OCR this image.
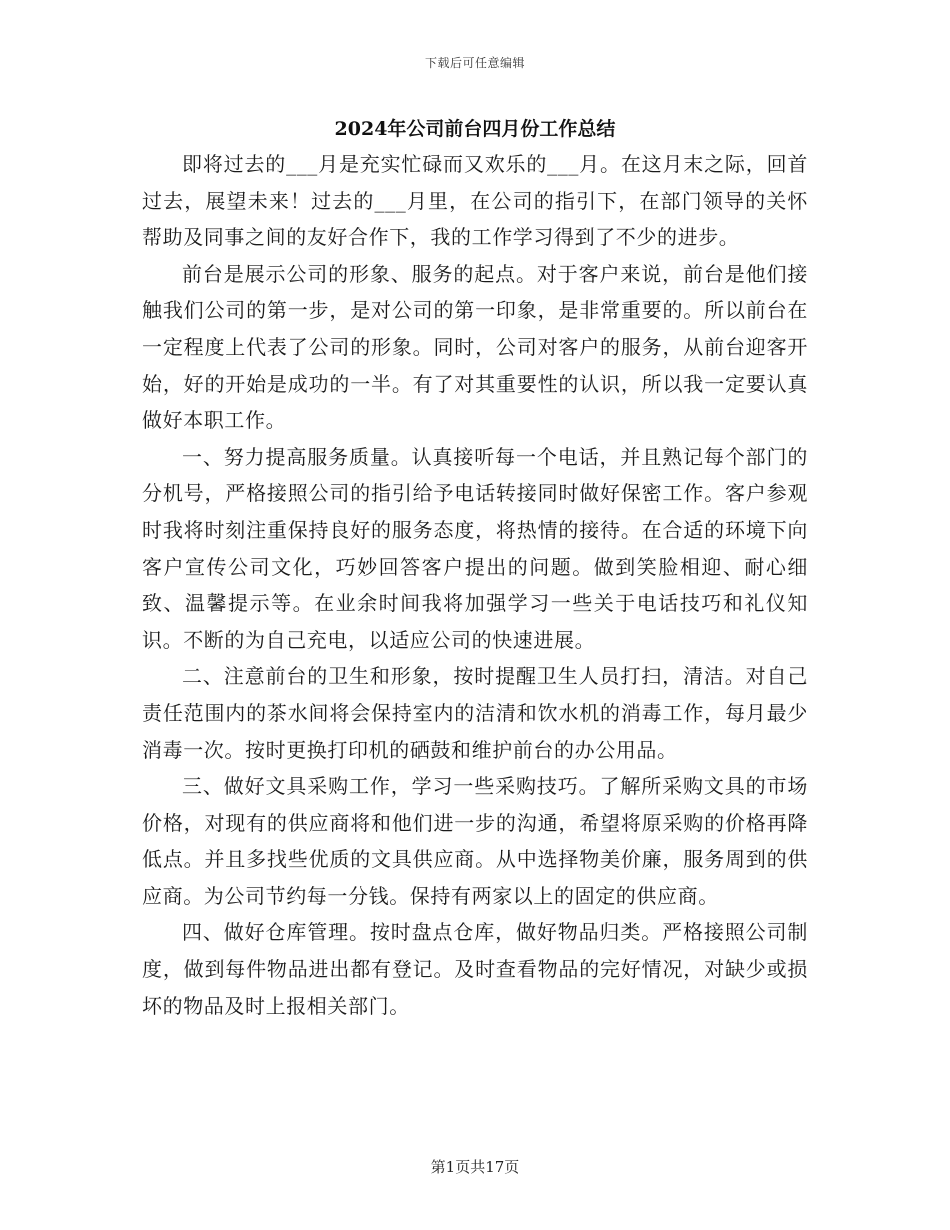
下载后可任意编辑
2024年公司前台四月份工作总结

即将过去的___月是充实忙碌而又欢乐的___月。在这月末之际，回首过去，展望未来！过去的___月里，在公司的指引下，在部门领导的关怀帮助及同事之间的友好合作下，我的工作学习得到了不少的进步。

前台是展示公司的形象、服务的起点。对于客户来说，前台是他们接触我们公司的第一步，是对公司的第一印象，是非常重要的。所以前台在一定程度上代表了公司的形象。同时，公司对客户的服务，从前台迎客开始，好的开始是成功的一半。有了对其重要性的认识，所以我一定要认真做好本职工作。

一、努力提高服务质量。认真接听每一个电话，并且熟记每个部门的分机号，严格接照公司的指引给予电话转接同时做好保密工作。客户参观时我将时刻注重保持良好的服务态度，将热情的接待。在合适的环境下向客户宣传公司文化，巧妙回答客户提出的问题。做到笑脸相迎、耐心细致、温馨提示等。在业余时间我将加强学习一些关于电话技巧和礼仪知识。不断的为自己充电，以适应公司的快速进展。

二、注意前台的卫生和形象，按时提醒卫生人员打扫，清洁。对自己责任范围内的茶水间将会保持室内的洁清和饮水机的消毒工作，每月最少消毒一次。按时更换打印机的硒鼓和维护前台的办公用品。

三、做好文具采购工作，学习一些采购技巧。了解所采购文具的市场价格，对现有的供应商将和他们进一步的沟通，希望将原采购的价格再降低点。并且多找些优质的文具供应商。从中选择物美价廉，服务周到的供应商。为公司节约每一分钱。保持有两家以上的固定的供应商。

四、做好仓库管理。按时盘点仓库，做好物品归类。严格接照公司制度，做到每件物品进出都有登记。及时查看物品的完好情况，对缺少或损坏的物品及时上报相关部门。

第1页共17页
